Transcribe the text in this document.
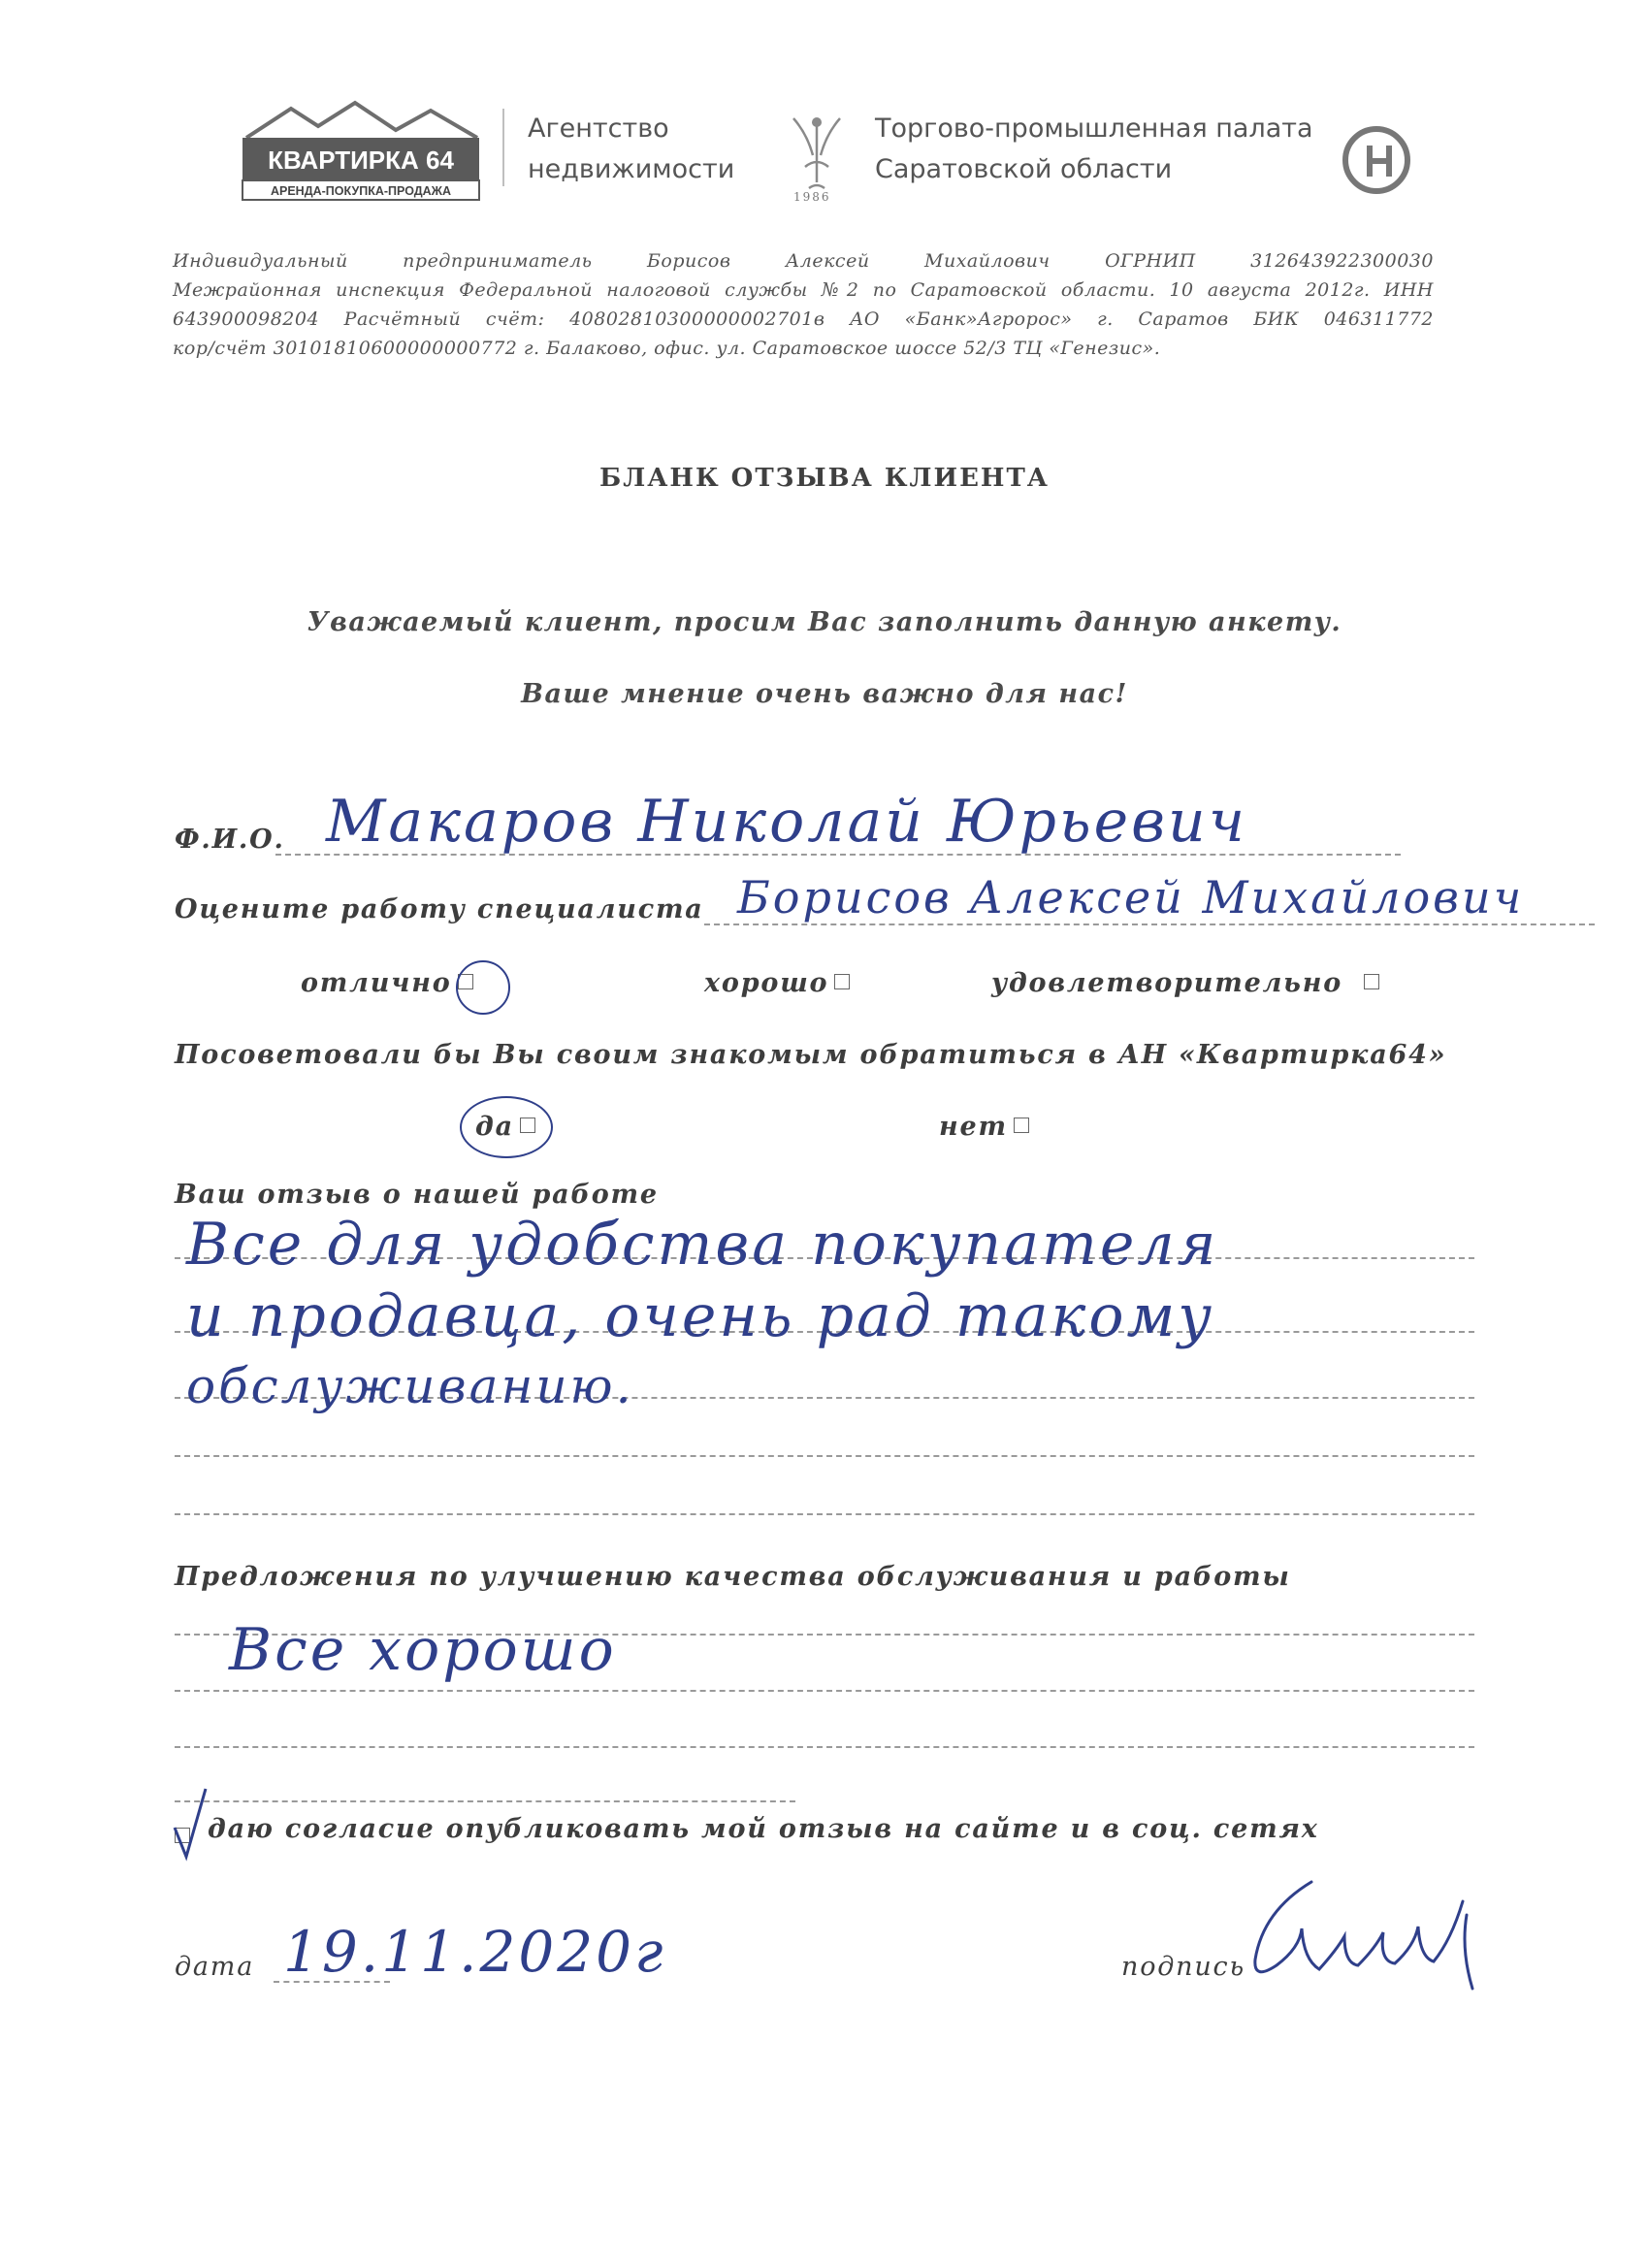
КВАРТИРКА 64
АРЕНДА-ПОКУПКА-ПРОДАЖА
Агентство
недвижимости
1986
Торгово-промышленная палата
Саратовской области
Индивидуальный предприниматель Борисов Алексей Михайлович ОГРНИП 312643922300030
Межрайонная инспекция Федеральной налоговой службы №2 по Саратовской области. 10 августа 2012г. ИНН
643900098204 Расчётный счёт: 40802810300000002701в АО «Банк»Агророс» г. Саратов БИК 046311772
кор/счёт 30101810600000000772 г. Балаково, офис. ул. Саратовское шоссе 52/3 ТЦ «Генезис».
БЛАНК ОТЗЫВА КЛИЕНТА
Уважаемый клиент, просим Вас заполнить данную анкету.
Ваше мнение очень важно для нас!
Ф.И.О. Макаров Николай Юрьевич
Оцените работу специалиста Борисов Алексей Михайлович
отлично	хорошо	удовлетворительно
Посоветовали бы Вы своим знакомым обратиться в АН «Квартирка64»
да	нет
Ваш отзыв о нашей работе
Все для удобства покупателя
и продавца, очень рад такому
обслуживанию.
Предложения по улучшению качества обслуживания и работы
Все хорошо
даю согласие опубликовать мой отзыв на сайте и в соц. сетях
дата 19.11.2020г	подпись
